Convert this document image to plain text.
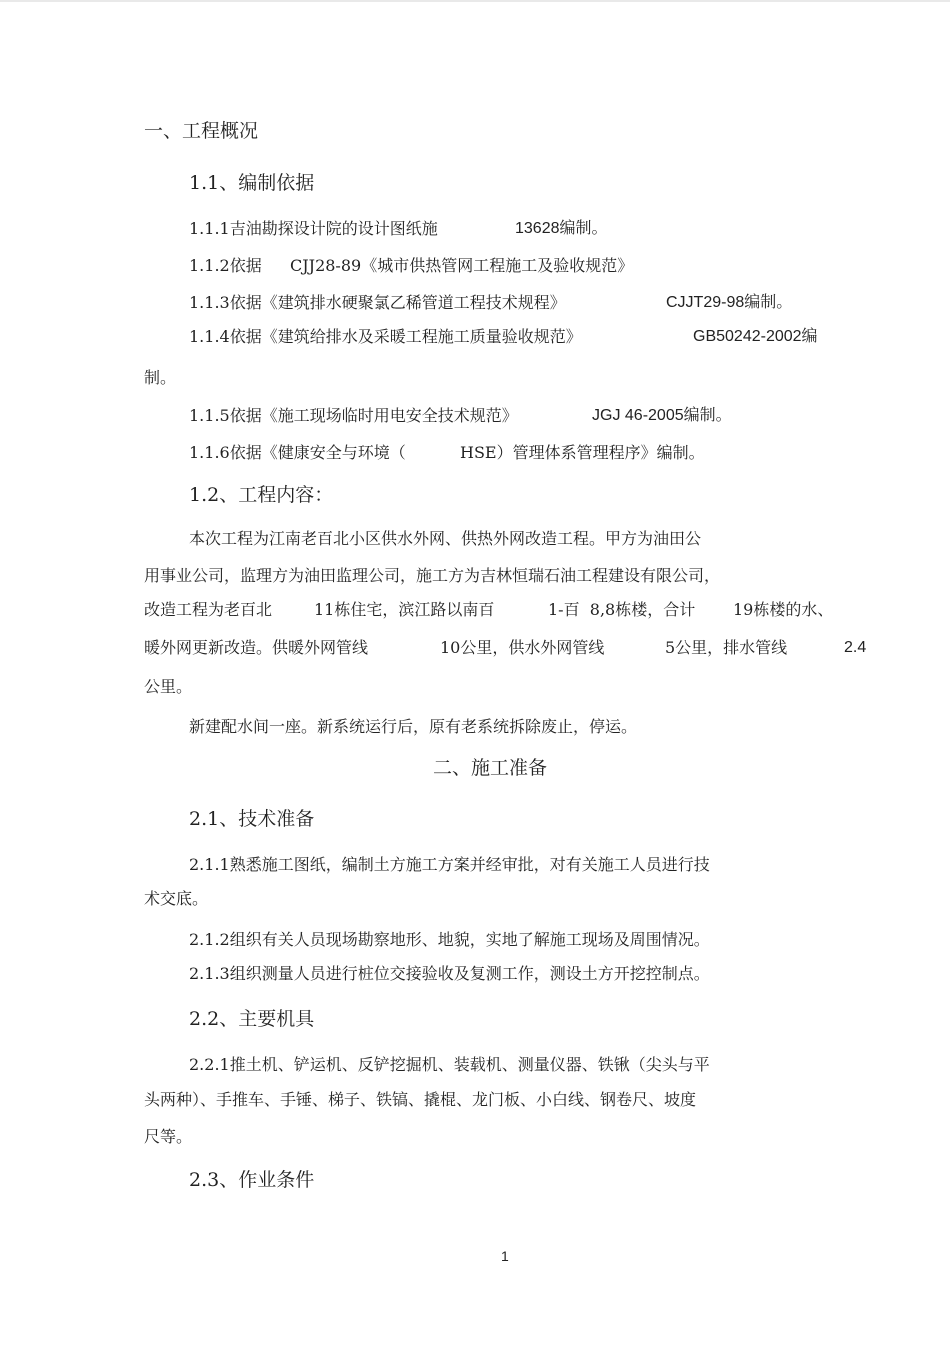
一、工程概况
1.1、编制依据
1.1.1吉油勘探设计院的设计图纸施	13628编制。
1.1.2依据 CJJ28-89《城市供热管网工程施工及验收规范》
1.1.3依据《建筑排水硬聚氯乙稀管道工程技术规程》	CJJT29-98编制。
1.1.4依据《建筑给排水及采暖工程施工质量验收规范》	GB50242-2002编
制。
1.1.5依据《施工现场临时用电安全技术规范》	JGJ 46-2005编制。
1.1.6依据《健康安全与环境（	HSE）管理体系管理程序》编制。
1.2、工程内容：
本次工程为江南老百北小区供水外网、供热外网改造工程。甲方为油田公
用事业公司，监理方为油田监理公司，施工方为吉林恒瑞石油工程建设有限公司，
改造工程为老百北	11栋住宅，滨江路以南百	1-百  8,8栋楼，合计 19栋楼的水、
暖外网更新改造。供暖外网管线	10公里，供水外网管线	5公里，排水管线	2.4
公里。
新建配水间一座。新系统运行后，原有老系统拆除废止，停运。
二、施工准备
2.1、技术准备
2.1.1熟悉施工图纸，编制土方施工方案并经审批，对有关施工人员进行技
术交底。
2.1.2组织有关人员现场勘察地形、地貌，实地了解施工现场及周围情况。
2.1.3组织测量人员进行桩位交接验收及复测工作，测设土方开挖控制点。
2.2、主要机具
2.2.1推土机、铲运机、反铲挖掘机、装载机、测量仪器、铁锹（尖头与平
头两种）、手推车、手锤、梯子、铁镐、撬棍、龙门板、小白线、钢卷尺、坡度
尺等。
2.3、作业条件
1
